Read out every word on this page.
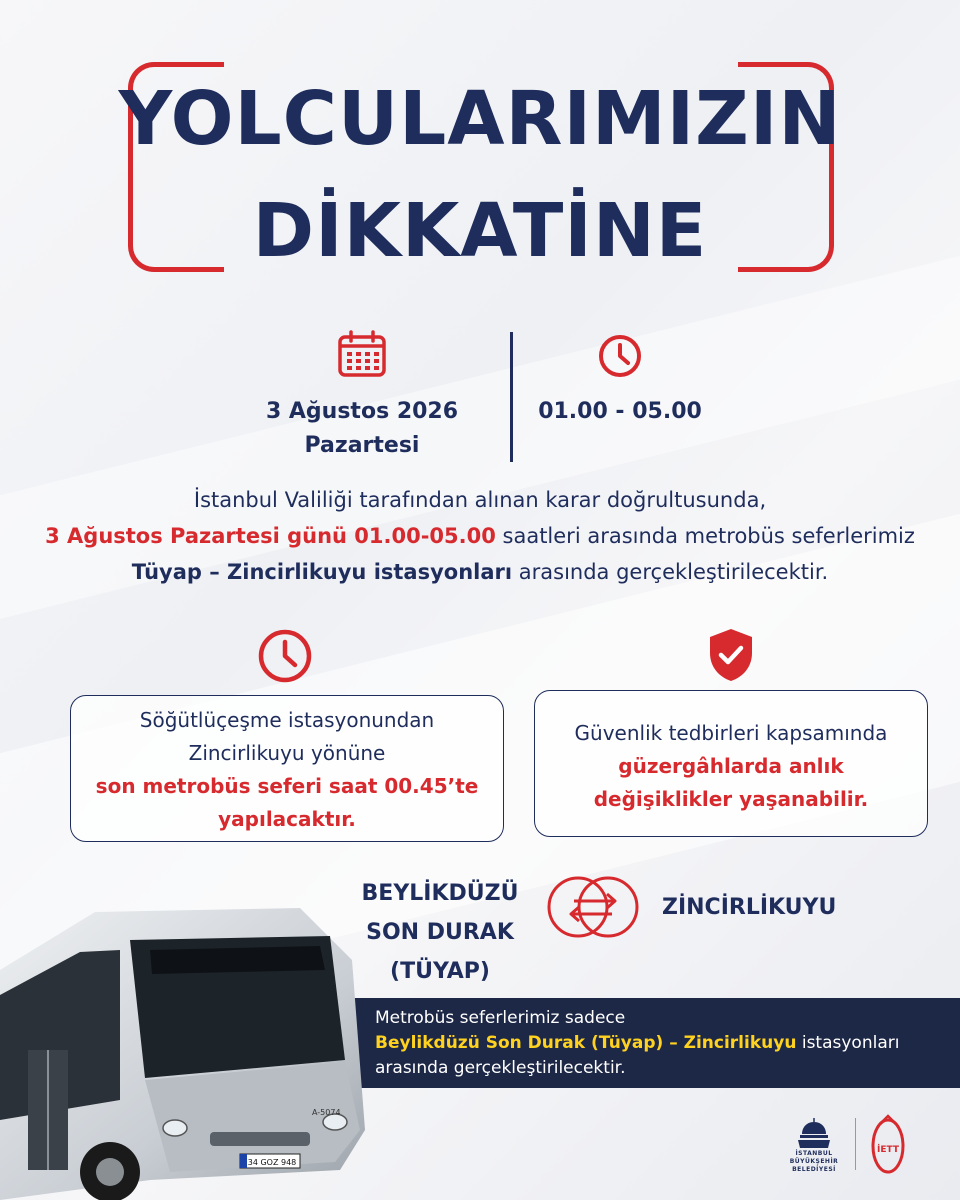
YOLCULARIMIZIN
DİKKATİNE
3 Ağustos 2026
Pazartesi
01.00 - 05.00
İstanbul Valiliği tarafından alınan karar doğrultusunda,
3 Ağustos Pazartesi günü 01.00-05.00 saatleri arasında metrobüs seferlerimiz
Tüyap – Zincirlikuyu istasyonları arasında gerçekleştirilecektir.
Söğütlüçeşme istasyonundan
Zincirlikuyu yönüne
son metrobüs seferi saat 00.45’te
yapılacaktır.
Güvenlik tedbirleri kapsamında
güzergâhlarda anlık
değişiklikler yaşanabilir.
BEYLİKDÜZÜ
SON DURAK
(TÜYAP)
ZİNCİRLİKUYU
Metrobüs seferlerimiz sadece
Beylikdüzü Son Durak (Tüyap) – Zincirlikuyu istasyonları
arasında gerçekleştirilecektir.
34 GOZ 948
A-5074
İSTANBUL
BÜYÜKŞEHİR
BELEDİYESİ
İETT
